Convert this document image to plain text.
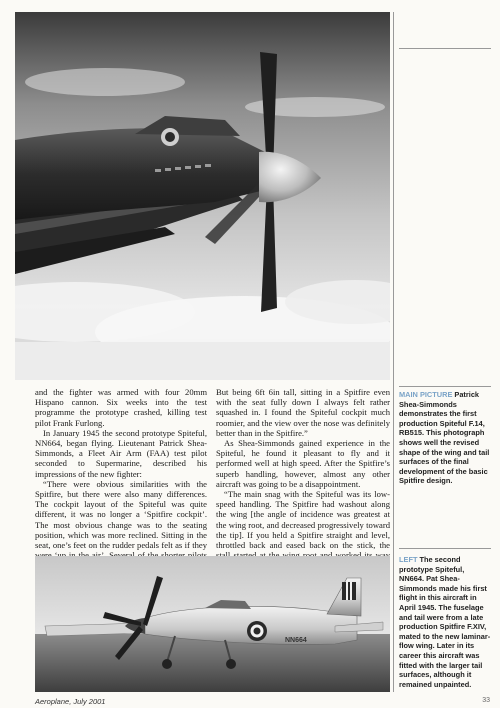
and the fighter was armed with four 20mm Hispano cannon. Six weeks into the test programme the prototype crashed, killing test pilot Frank Furlong.

In January 1945 the second prototype Spiteful, NN664, began flying. Lieutenant Patrick Shea-Simmonds, a Fleet Air Arm (FAA) test pilot seconded to Supermarine, described his impressions of the new fighter:

“There were obvious similarities with the Spitfire, but there were also many differences. The cockpit layout of the Spiteful was quite different, it was no longer a ‘Spitfire cockpit’. The most obvious change was to the seating position, which was more reclined. Sitting in the seat, one’s feet on the rudder pedals felt as if they

But being 6ft 6in tall, sitting in a Spitfire even with the seat fully down I always felt rather squashed in. I found the Spiteful cockpit much roomier, and the view over the nose was definitely better than in the Spitfire.”

As Shea-Simmonds gained experience in the Spiteful, he found it pleasant to fly and it performed well at high speed. After the Spitfire’s superb handling, however, almost any other aircraft was going to be a disappointment.

“The main snag with the Spiteful was its low-speed handling. The Spitfire had washout along the wing [the angle of incidence was greatest at the wing root, and decreased progressively toward the tip]. If you held a Spitfire straight and level, throttled back and eased back on the stick, the

MAIN PICTURE Patrick Shea-Simmonds demonstrates the first production Spiteful F.14, RB515. This photograph shows well the revised shape of the wing and tail surfaces of the final development of the basic Spitfire design.
LEFT The second prototype Spiteful, NN664. Pat Shea-Simmonds made his first flight in this aircraft in April 1945. The fuselage and tail were from a late production Spitfire F.XIV, mated to the new laminar-flow wing. Later in its career this aircraft was fitted with the larger tail surfaces, although it remained unpainted.
NN664
Aeroplane, July 2001	33
